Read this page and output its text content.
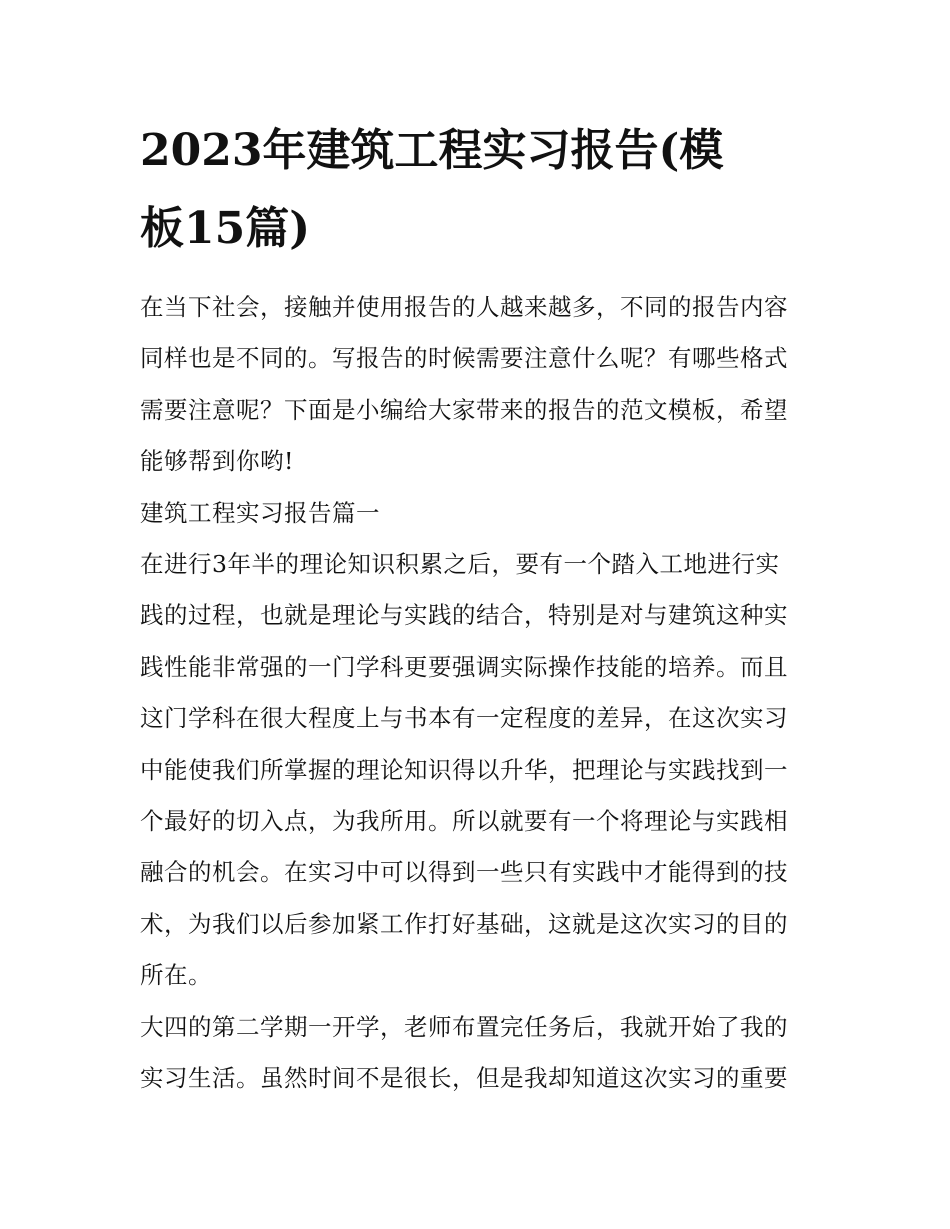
2023年建筑工程实习报告(模
板15篇)
在当下社会，接触并使用报告的人越来越多，不同的报告内容
同样也是不同的。写报告的时候需要注意什么呢？有哪些格式
需要注意呢？下面是小编给大家带来的报告的范文模板，希望
能够帮到你哟!
建筑工程实习报告篇一
在进行3年半的理论知识积累之后，要有一个踏入工地进行实
践的过程，也就是理论与实践的结合，特别是对与建筑这种实
践性能非常强的一门学科更要强调实际操作技能的培养。而且
这门学科在很大程度上与书本有一定程度的差异，在这次实习
中能使我们所掌握的理论知识得以升华，把理论与实践找到一
个最好的切入点，为我所用。所以就要有一个将理论与实践相
融合的机会。在实习中可以得到一些只有实践中才能得到的技
术，为我们以后参加紧工作打好基础，这就是这次实习的目的
所在。
大四的第二学期一开学，老师布置完任务后，我就开始了我的
实习生活。虽然时间不是很长，但是我却知道这次实习的重要
